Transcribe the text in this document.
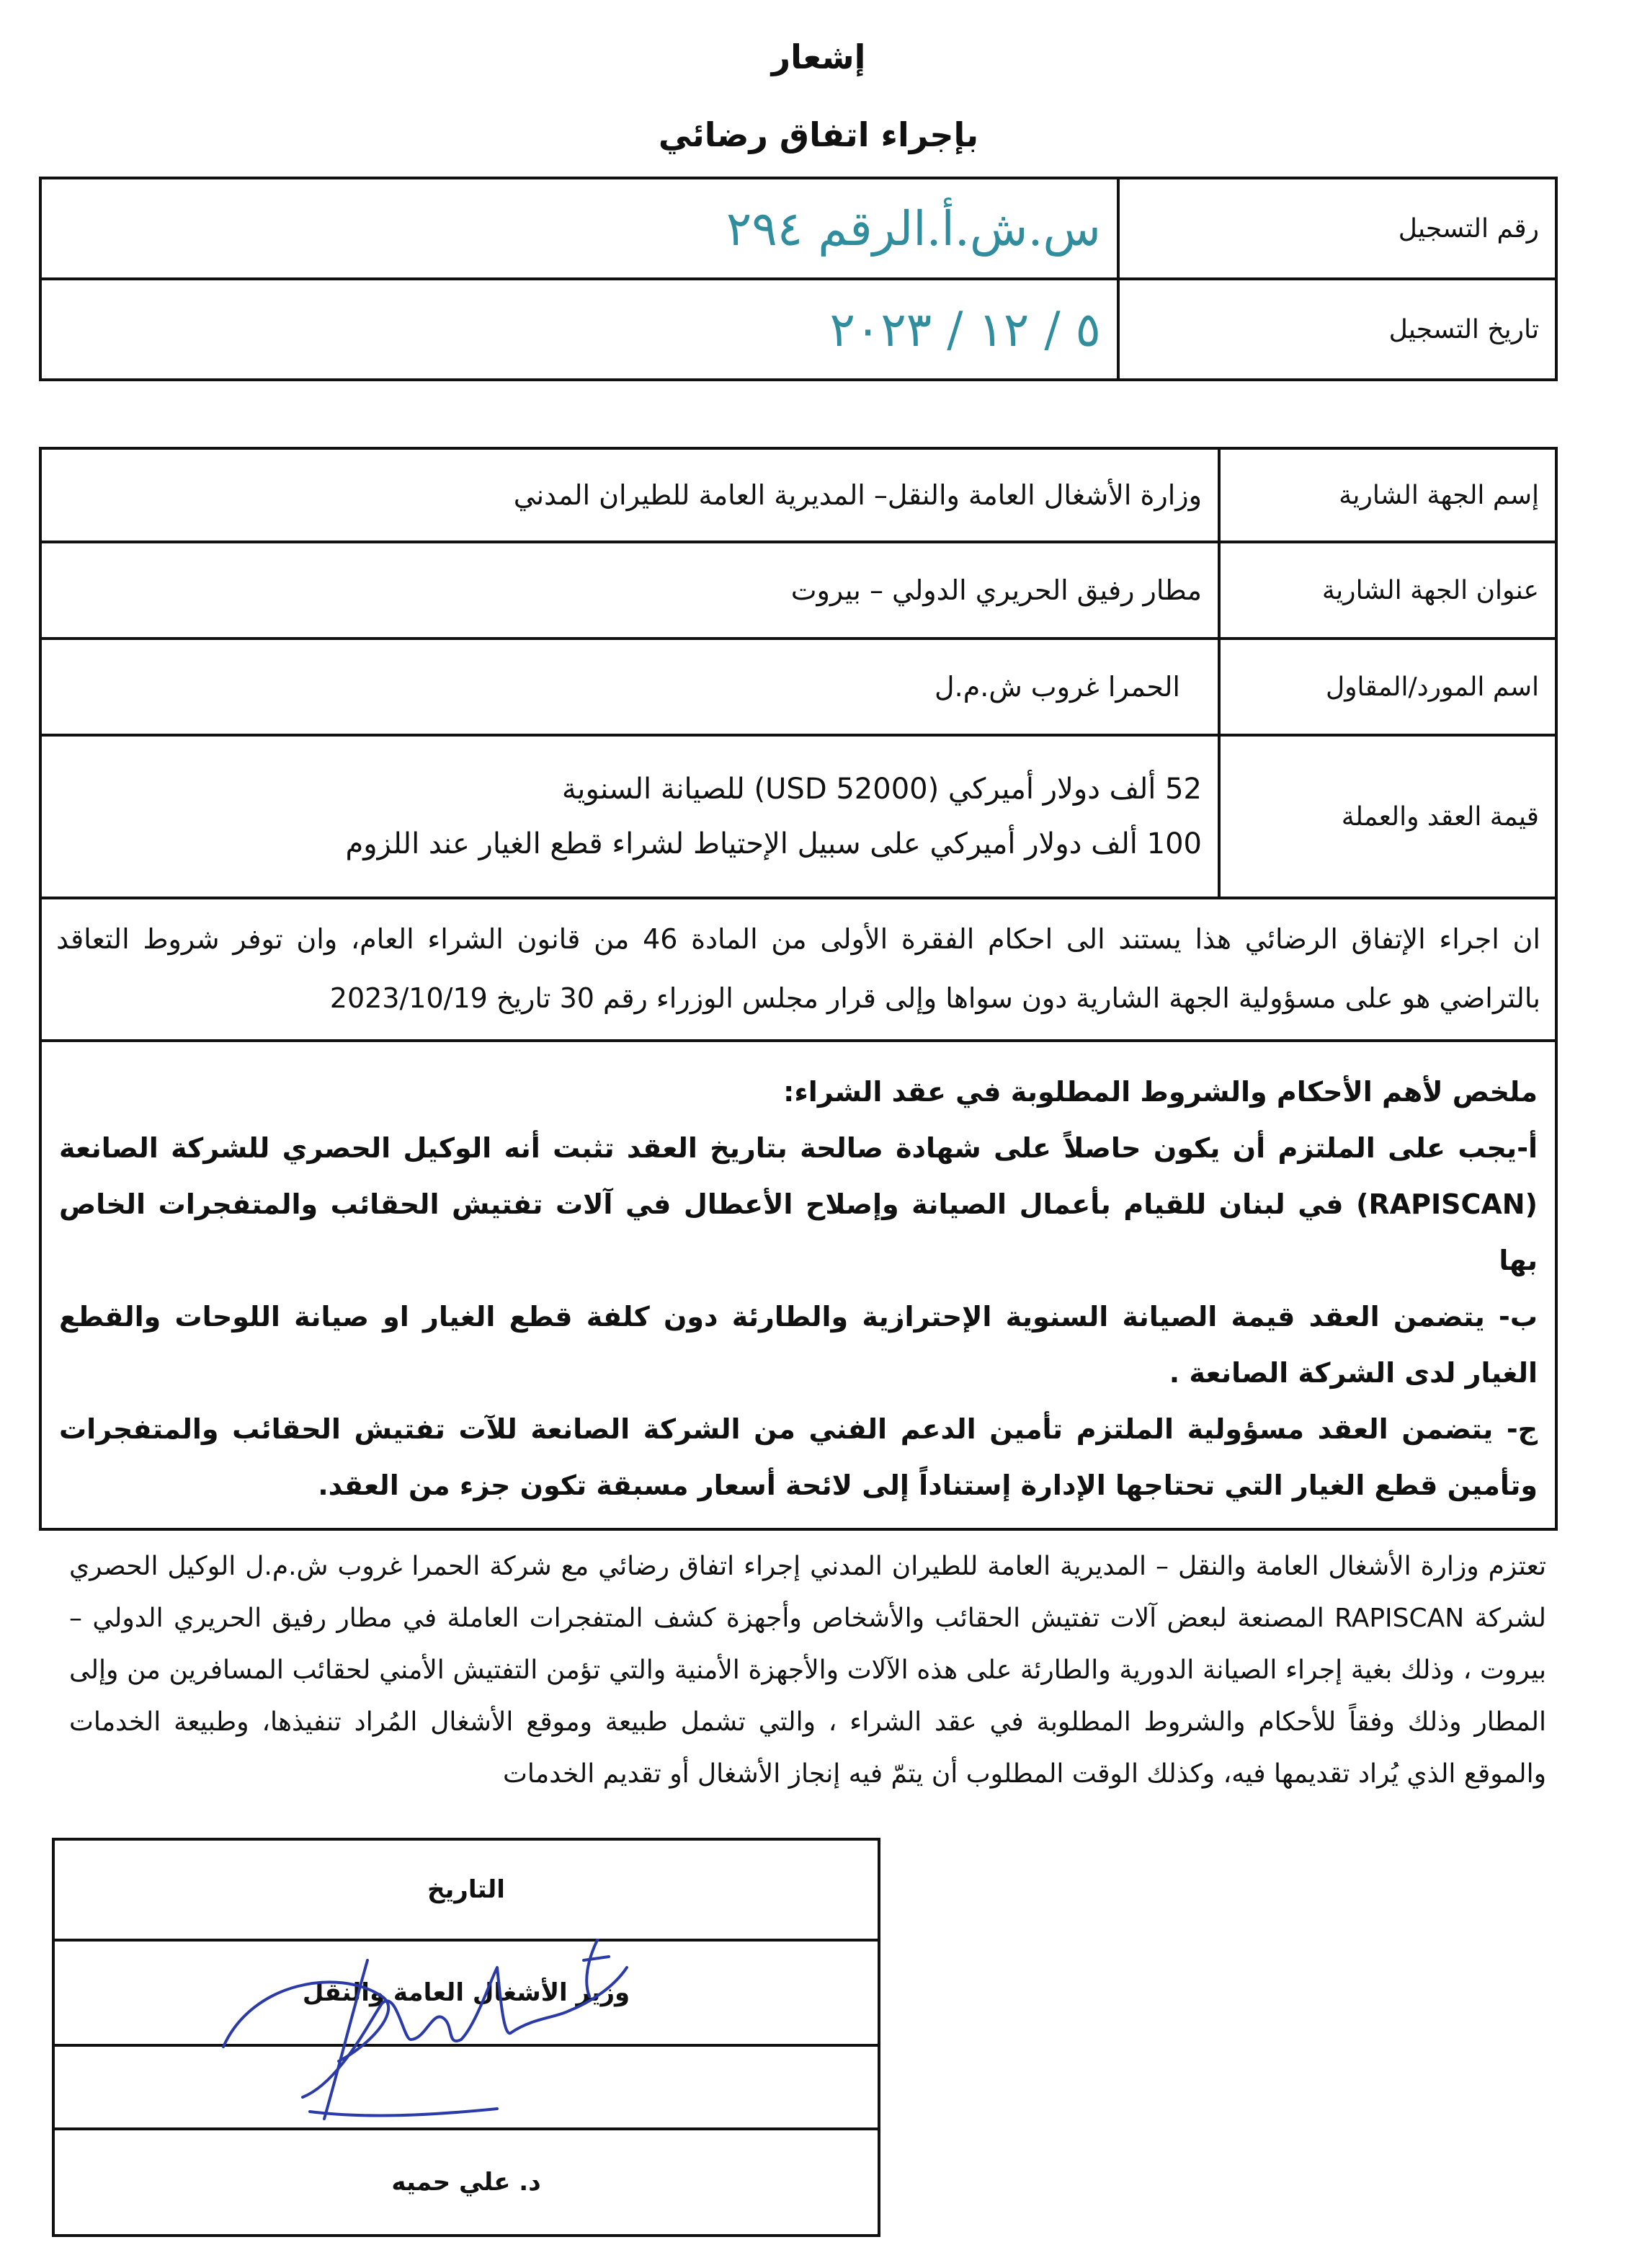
إشعار
بإجراء اتفاق رضائي
رقم التسجيل	س.ش.أ.الرقم ٢٩٤
تاريخ التسجيل	٥ / ١٢ / ٢٠٢٣
إسم الجهة الشارية	وزارة الأشغال العامة والنقل– المديرية العامة للطيران المدني
عنوان الجهة الشارية	مطار رفيق الحريري الدولي – بيروت
اسم المورد/المقاول	الحمرا غروب ش.م.ل
قيمة العقد والعملة	52 ألف دولار أميركي (USD 52000) للصيانة السنوية
100 ألف دولار أميركي على سبيل الإحتياط لشراء قطع الغيار عند اللزوم

ان اجراء الإتفاق الرضائي هذا يستند الى احكام الفقرة الأولى من المادة 46 من قانون الشراء العام، وان توفر شروط التعاقد بالتراضي هو على مسؤولية الجهة الشارية دون سواها وإلى قرار مجلس الوزراء رقم 30 تاريخ 2023/10/19	

ملخص لأهم الأحكام والشروط المطلوبة في عقد الشراء:
أ-يجب على الملتزم أن يكون حاصلاً على شهادة صالحة بتاريخ العقد تثبت أنه الوكيل الحصري للشركة الصانعة (RAPISCAN) في لبنان للقيام بأعمال الصيانة وإصلاح الأعطال في آلات تفتيش الحقائب والمتفجرات الخاص بها
ب- يتضمن العقد قيمة الصيانة السنوية الإحترازية والطارئة دون كلفة قطع الغيار او صيانة اللوحات والقطع الغيار لدى الشركة الصانعة .
ج- يتضمن العقد مسؤولية الملتزم تأمين الدعم الفني من الشركة الصانعة للآت تفتيش الحقائب والمتفجرات وتأمين قطع الغيار التي تحتاجها الإدارة إستناداً إلى لائحة أسعار مسبقة تكون جزء من العقد.	
تعتزم وزارة الأشغال العامة والنقل – المديرية العامة للطيران المدني إجراء اتفاق رضائي مع شركة الحمرا غروب ش.م.ل الوكيل الحصري لشركة RAPISCAN المصنعة لبعض آلات تفتيش الحقائب والأشخاص وأجهزة كشف المتفجرات العاملة في مطار رفيق الحريري الدولي – بيروت ، وذلك بغية إجراء الصيانة الدورية والطارئة على هذه الآلات والأجهزة الأمنية والتي تؤمن التفتيش الأمني لحقائب المسافرين من وإلى المطار وذلك وفقاً للأحكام والشروط المطلوبة في عقد الشراء ، والتي تشمل طبيعة وموقع الأشغال المُراد تنفيذها، وطبيعة الخدمات والموقع الذي يُراد تقديمها فيه، وكذلك الوقت المطلوب أن يتمّ فيه إنجاز الأشغال أو تقديم الخدمات
التاريخ
وزير الأشغال العامة والنقل

د. علي حميه
